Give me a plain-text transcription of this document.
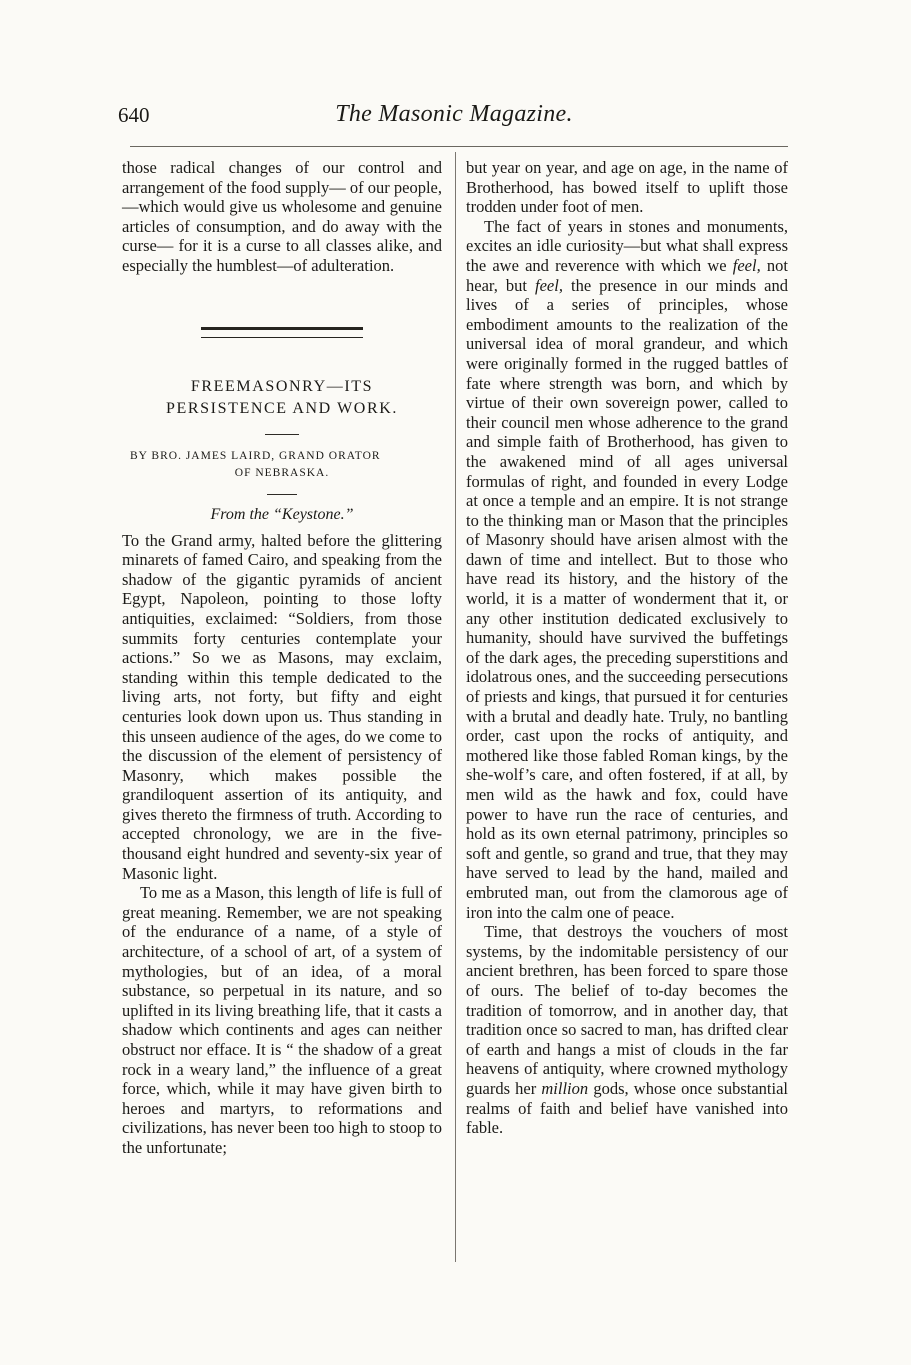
640	The Masonic Magazine.

those radical changes of our control and arrangement of the food supply— of our people,—which would give us wholesome and genuine articles of consumption, and do away with the curse— for it is a curse to all classes alike, and especially the humblest—of adulteration.

FREEMASONRY—ITS PERSISTENCE AND WORK.
BY BRO. JAMES LAIRD, GRAND ORATOR
OF NEBRASKA.
From the “Keystone.”

To the Grand army, halted before the glittering minarets of famed Cairo, and speaking from the shadow of the gigantic pyramids of ancient Egypt, Napoleon, pointing to those lofty antiquities, exclaimed: “Soldiers, from those summits forty centuries contemplate your actions.” So we as Masons, may exclaim, standing within this temple dedicated to the living arts, not forty, but fifty and eight centuries look down upon us. Thus standing in this unseen audience of the ages, do we come to the discussion of the element of persistency of Masonry, which makes possible the grandiloquent assertion of its antiquity, and gives thereto the firmness of truth. According to accepted chronology, we are in the five-thousand eight hundred and seventy-six year of Masonic light.

To me as a Mason, this length of life is full of great meaning. Remember, we are not speaking of the endurance of a name, of a style of architecture, of a school of art, of a system of mythologies, but of an idea, of a moral substance, so perpetual in its nature, and so uplifted in its living breathing life, that it casts a shadow which continents and ages can neither obstruct nor efface. It is “ the shadow of a great rock in a weary land,” the influence of a great force, which, while it may have given birth to heroes and martyrs, to reformations and civilizations, has never been too high to stoop to the unfortunate;

but year on year, and age on age, in the name of Brotherhood, has bowed itself to uplift those trodden under foot of men.

The fact of years in stones and monuments, excites an idle curiosity—but what shall express the awe and reverence with which we feel, not hear, but feel, the presence in our minds and lives of a series of principles, whose embodiment amounts to the realization of the universal idea of moral grandeur, and which were originally formed in the rugged battles of fate where strength was born, and which by virtue of their own sovereign power, called to their council men whose adherence to the grand and simple faith of Brotherhood, has given to the awakened mind of all ages universal formulas of right, and founded in every Lodge at once a temple and an empire. It is not strange to the thinking man or Mason that the principles of Masonry should have arisen almost with the dawn of time and intellect. But to those who have read its history, and the history of the world, it is a matter of wonderment that it, or any other institution dedicated exclusively to humanity, should have survived the buffetings of the dark ages, the preceding superstitions and idolatrous ones, and the succeeding persecutions of priests and kings, that pursued it for centuries with a brutal and deadly hate. Truly, no bantling order, cast upon the rocks of antiquity, and mothered like those fabled Roman kings, by the she-wolf’s care, and often fostered, if at all, by men wild as the hawk and fox, could have power to have run the race of centuries, and hold as its own eternal patrimony, principles so soft and gentle, so grand and true, that they may have served to lead by the hand, mailed and embruted man, out from the clamorous age of iron into the calm one of peace.

Time, that destroys the vouchers of most systems, by the indomitable persistency of our ancient brethren, has been forced to spare those of ours. The belief of to-day becomes the tradition of tomorrow, and in another day, that tradition once so sacred to man, has drifted clear of earth and hangs a mist of clouds in the far heavens of antiquity, where crowned mythology guards her million gods, whose once substantial realms of faith and belief have vanished into fable.
